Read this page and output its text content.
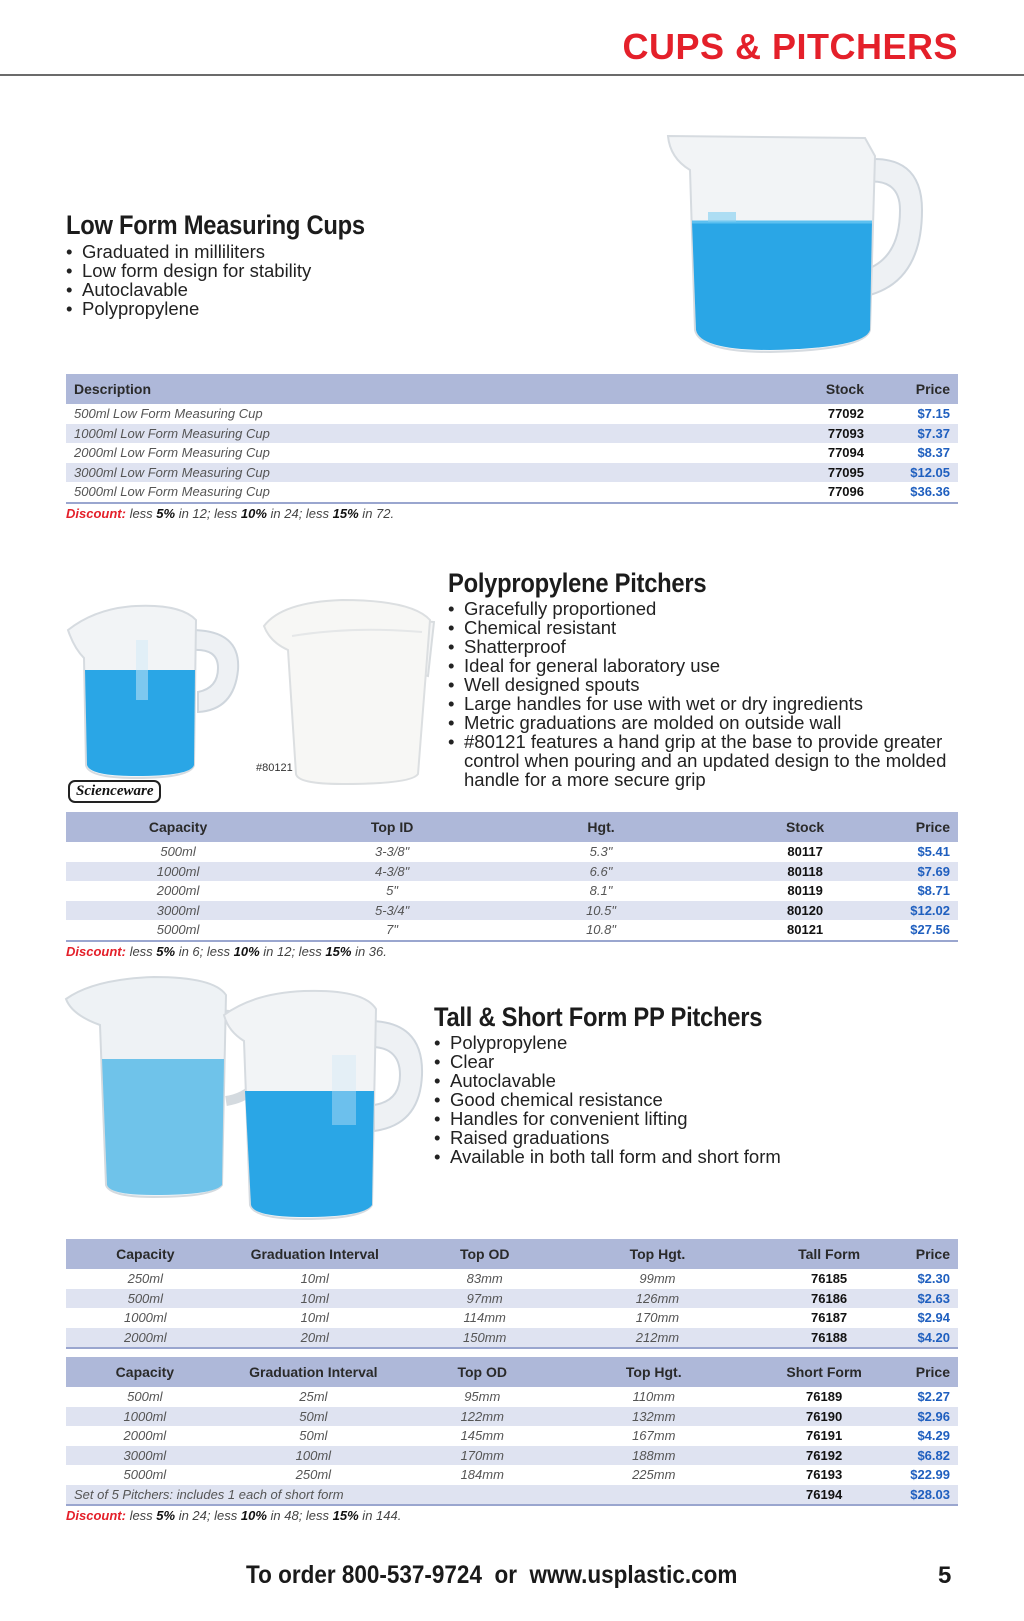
CUPS & PITCHERS
Low Form Measuring Cups
• Graduated in milliliters
• Low form design for stability
• Autoclavable
• Polypropylene
Description	Stock	Price
500ml Low Form Measuring Cup	77092	$7.15
1000ml Low Form Measuring Cup	77093	$7.37
2000ml Low Form Measuring Cup	77094	$8.37
3000ml Low Form Measuring Cup	77095	$12.05
5000ml Low Form Measuring Cup	77096	$36.36
Discount: less 5% in 12; less 10% in 24; less 15% in 72.
Scienceware
#80121
Polypropylene Pitchers
• Gracefully proportioned
• Chemical resistant
• Shatterproof
• Ideal for general laboratory use
• Well designed spouts
• Large handles for use with wet or dry ingredients
• Metric graduations are molded on outside wall
• #80121 features a hand grip at the base to provide greater control when pouring and an updated design to the molded handle for a more secure grip
Capacity	Top ID	Hgt.	Stock	Price
500ml	3-3/8"	5.3"	80117	$5.41
1000ml	4-3/8"	6.6"	80118	$7.69
2000ml	5"	8.1"	80119	$8.71
3000ml	5-3/4"	10.5"	80120	$12.02
5000ml	7"	10.8"	80121	$27.56
Discount: less 5% in 6; less 10% in 12; less 15% in 36.
Tall & Short Form PP Pitchers
• Polypropylene
• Clear
• Autoclavable
• Good chemical resistance
• Handles for convenient lifting
• Raised graduations
• Available in both tall form and short form
Capacity	Graduation Interval	Top OD	Top Hgt.	Tall Form	Price
250ml	10ml	83mm	99mm	76185	$2.30
500ml	10ml	97mm	126mm	76186	$2.63
1000ml	10ml	114mm	170mm	76187	$2.94
2000ml	20ml	150mm	212mm	76188	$4.20
Capacity	Graduation Interval	Top OD	Top Hgt.	Short Form	Price
500ml	25ml	95mm	110mm	76189	$2.27
1000ml	50ml	122mm	132mm	76190	$2.96
2000ml	50ml	145mm	167mm	76191	$4.29
3000ml	100ml	170mm	188mm	76192	$6.82
5000ml	250ml	184mm	225mm	76193	$22.99
Set of 5 Pitchers: includes 1 each of short form				76194	$28.03
Discount: less 5% in 24; less 10% in 48; less 15% in 144.
To order 800-537-9724  or  www.usplastic.com	5
